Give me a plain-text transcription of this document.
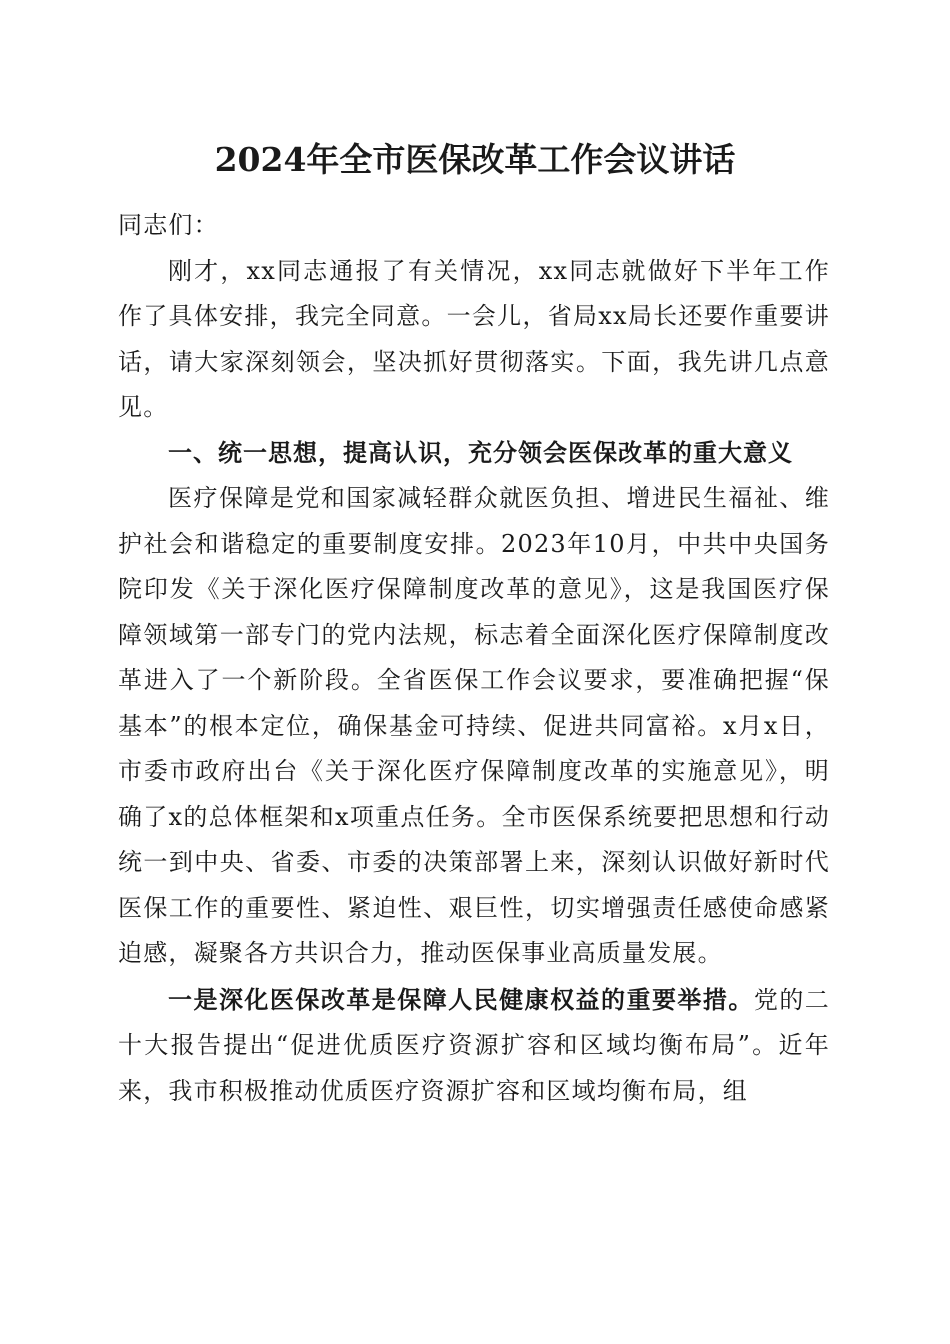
2024年全市医保改革工作会议讲话

同志们：

刚才，xx同志通报了有关情况，xx同志就做好下半年工作作了具体安排，我完全同意。一会儿，省局xx局长还要作重要讲话，请大家深刻领会，坚决抓好贯彻落实。下面，我先讲几点意见。

一、统一思想，提高认识，充分领会医保改革的重大意义

医疗保障是党和国家减轻群众就医负担、增进民生福祉、维护社会和谐稳定的重要制度安排。2023年10月，中共中央国务院印发《关于深化医疗保障制度改革的意见》，这是我国医疗保障领域第一部专门的党内法规，标志着全面深化医疗保障制度改革进入了一个新阶段。全省医保工作会议要求，要准确把握“保基本”的根本定位，确保基金可持续、促进共同富裕。x月x日，市委市政府出台《关于深化医疗保障制度改革的实施意见》，明确了x的总体框架和x项重点任务。全市医保系统要把思想和行动统一到中央、省委、市委的决策部署上来，深刻认识做好新时代医保工作的重要性、紧迫性、艰巨性，切实增强责任感使命感紧迫感，凝聚各方共识合力，推动医保事业高质量发展。

一是深化医保改革是保障人民健康权益的重要举措。党的二十大报告提出“促进优质医疗资源扩容和区域均衡布局”。近年来，我市积极推动优质医疗资源扩容和区域均衡布局，组
